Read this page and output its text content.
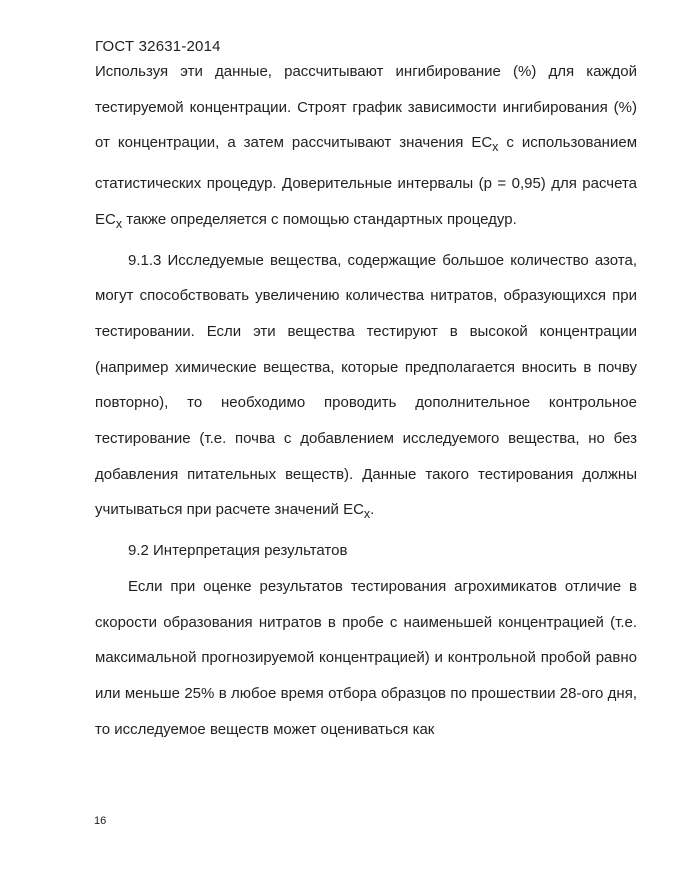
ГОСТ 32631-2014

Используя эти данные, рассчитывают ингибирование (%) для каждой тестируемой концентрации. Строят график зависимости ингибирования (%) от концентрации, а затем рассчитывают значения $EC_x$ с использованием статистических процедур. Доверительные интервалы (p = 0,95) для расчета $EC_x$ также определяется с помощью стандартных процедур.

9.1.3 Исследуемые вещества, содержащие большое количество азота, могут способствовать увеличению количества нитратов, образующихся при тестировании. Если эти вещества тестируют в высокой концентрации (например химические вещества, которые предполагается вносить в почву повторно), то необходимо проводить дополнительное контрольное тестирование (т.е. почва с добавлением исследуемого вещества, но без добавления питательных веществ). Данные такого тестирования должны учитываться при расчете значений $EC_x$.

9.2 Интерпретация результатов

Если при оценке результатов тестирования агрохимикатов отличие в скорости образования нитратов в пробе с наименьшей концентрацией (т.е. максимальной прогнозируемой концентрацией) и контрольной пробой равно или меньше 25% в любое время отбора образцов по прошествии 28-ого дня, то исследуемое веществ может оцениваться как

16
